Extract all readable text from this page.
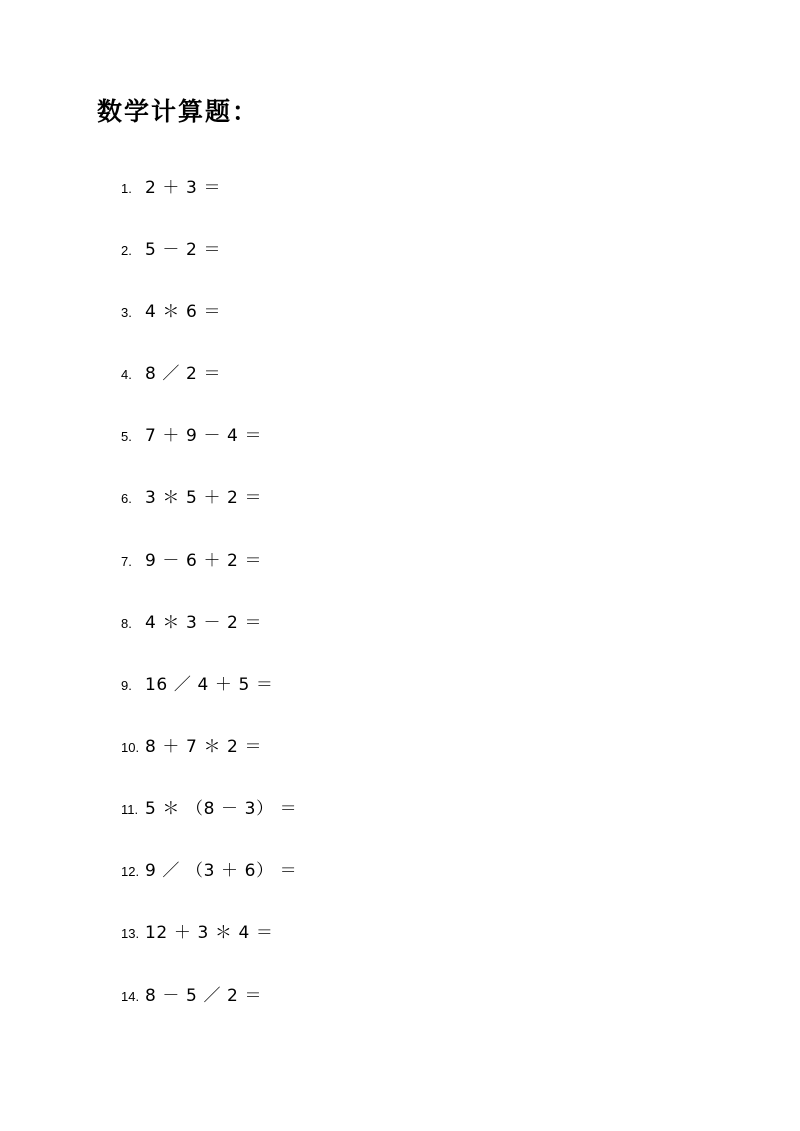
数学计算题：
1. 2 ＋ 3 ＝
2. 5 － 2 ＝
3. 4 ＊ 6 ＝
4. 8 ／ 2 ＝
5. 7 ＋ 9 － 4 ＝
6. 3 ＊ 5 ＋ 2 ＝
7. 9 － 6 ＋ 2 ＝
8. 4 ＊ 3 － 2 ＝
9. 16 ／ 4 ＋ 5 ＝
10. 8 ＋ 7 ＊ 2 ＝
11. 5 ＊ （8 － 3） ＝
12. 9 ／ （3 ＋ 6） ＝
13. 12 ＋ 3 ＊ 4 ＝
14. 8 － 5 ／ 2 ＝
